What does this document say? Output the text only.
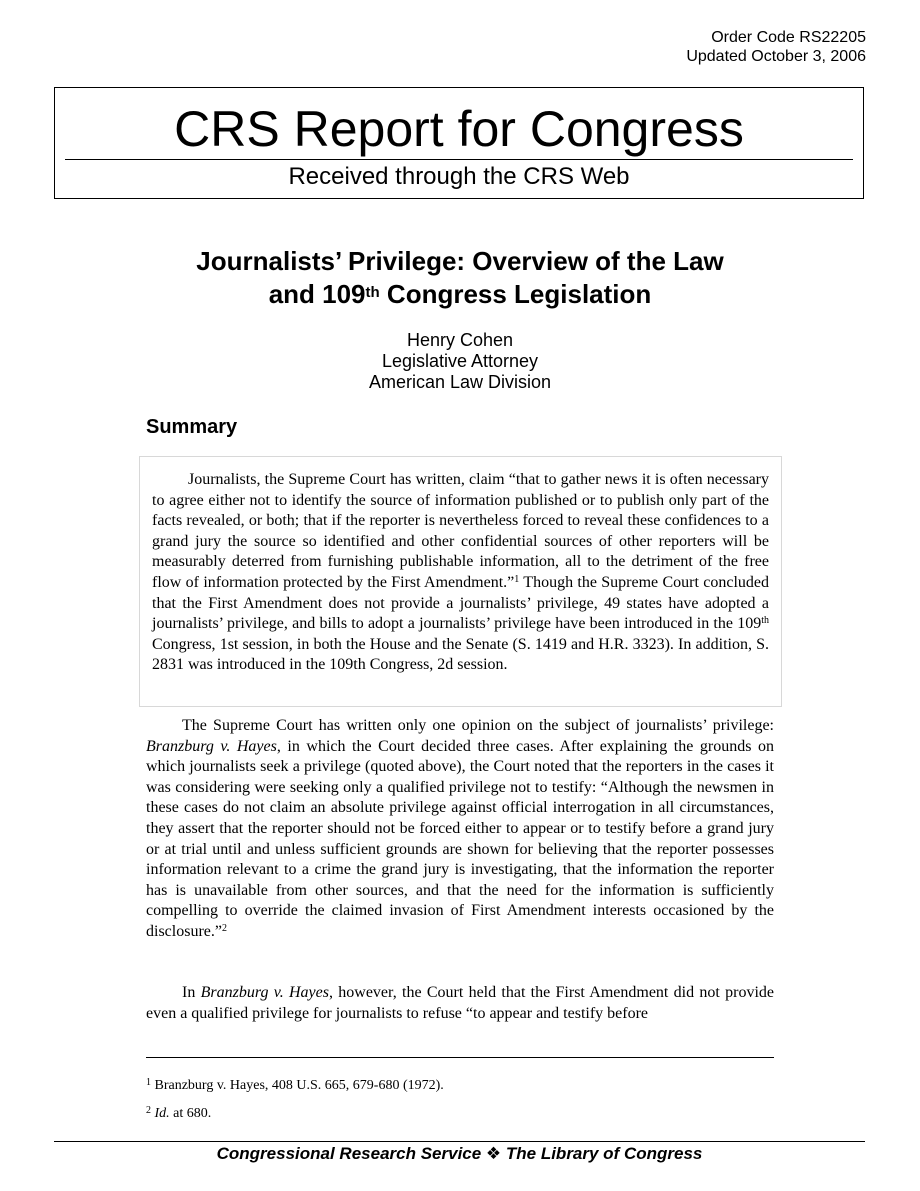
Order Code RS22205
Updated October 3, 2006
CRS Report for Congress
Received through the CRS Web
Journalists’ Privilege: Overview of the Law
and 109th Congress Legislation
Henry Cohen
Legislative Attorney
American Law Division
Summary

Journalists, the Supreme Court has written, claim “that to gather news it is often necessary to agree either not to identify the source of information published or to publish only part of the facts revealed, or both; that if the reporter is nevertheless forced to reveal these confidences to a grand jury the source so identified and other confidential sources of other reporters will be measurably deterred from furnishing publishable information, all to the detriment of the free flow of information protected by the First Amendment.”$^1$ Though the Supreme Court concluded that the First Amendment does not provide a journalists’ privilege, 49 states have adopted a journalists’ privilege, and bills to adopt a journalists’ privilege have been introduced in the 109th Congress, 1st session, in both the House and the Senate (S. 1419 and H.R. 3323). In addition, S. 2831 was introduced in the 109th Congress, 2d session.

The Supreme Court has written only one opinion on the subject of journalists’ privilege: Branzburg v. Hayes, in which the Court decided three cases. After explaining the grounds on which journalists seek a privilege (quoted above), the Court noted that the reporters in the cases it was considering were seeking only a qualified privilege not to testify: “Although the newsmen in these cases do not claim an absolute privilege against official interrogation in all circumstances, they assert that the reporter should not be forced either to appear or to testify before a grand jury or at trial until and unless sufficient grounds are shown for believing that the reporter possesses information relevant to a crime the grand jury is investigating, that the information the reporter has is unavailable from other sources, and that the need for the information is sufficiently compelling to override the claimed invasion of First Amendment interests occasioned by the disclosure.”$^2$

In Branzburg v. Hayes, however, the Court held that the First Amendment did not provide even a qualified privilege for journalists to refuse “to appear and testify before

$^1$ Branzburg v. Hayes, 408 U.S. 665, 679-680 (1972).

$^2$ Id. at 680.

Congressional Research Service ❖ The Library of Congress
